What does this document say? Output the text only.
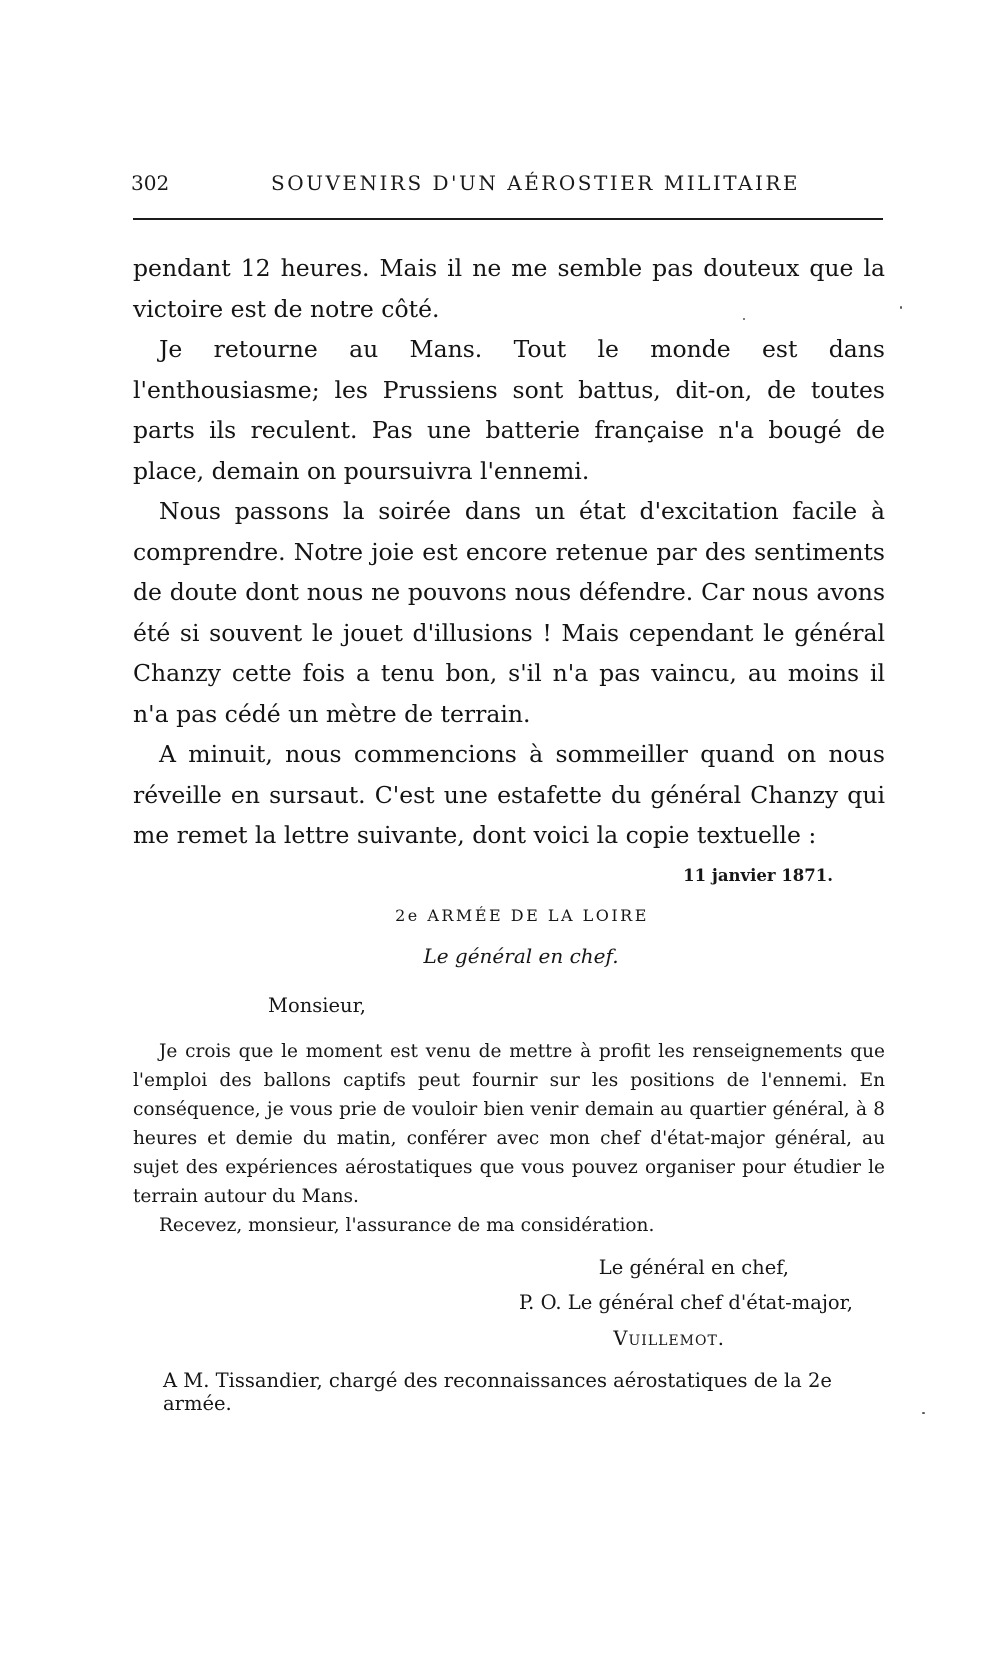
302	SOUVENIRS D'UN AÉROSTIER MILITAIRE

pendant 12 heures. Mais il ne me semble pas douteux que la victoire est de notre côté.

Je retourne au Mans. Tout le monde est dans l'enthousiasme; les Prussiens sont battus, dit-on, de toutes parts ils reculent. Pas une batterie française n'a bougé de place, demain on poursuivra l'ennemi.

Nous passons la soirée dans un état d'excitation facile à comprendre. Notre joie est encore retenue par des sentiments de doute dont nous ne pouvons nous défendre. Car nous avons été si souvent le jouet d'illusions ! Mais cependant le général Chanzy cette fois a tenu bon, s'il n'a pas vaincu, au moins il n'a pas cédé un mètre de terrain.

A minuit, nous commencions à sommeiller quand on nous réveille en sursaut. C'est une estafette du général Chanzy qui me remet la lettre suivante, dont voici la copie textuelle :

11 janvier 1871.
2e ARMÉE DE LA LOIRE
Le général en chef.
Monsieur,

Je crois que le moment est venu de mettre à profit les renseignements que l'emploi des ballons captifs peut fournir sur les positions de l'ennemi. En conséquence, je vous prie de vouloir bien venir demain au quartier général, à 8 heures et demie du matin, conférer avec mon chef d'état-major général, au sujet des expériences aérostatiques que vous pouvez organiser pour étudier le terrain autour du Mans.

Recevez, monsieur, l'assurance de ma considération.

Le général en chef,
P. O. Le général chef d'état-major,
Vuillemot.
A M. Tissandier, chargé des reconnaissances aérostatiques de la 2e armée.
